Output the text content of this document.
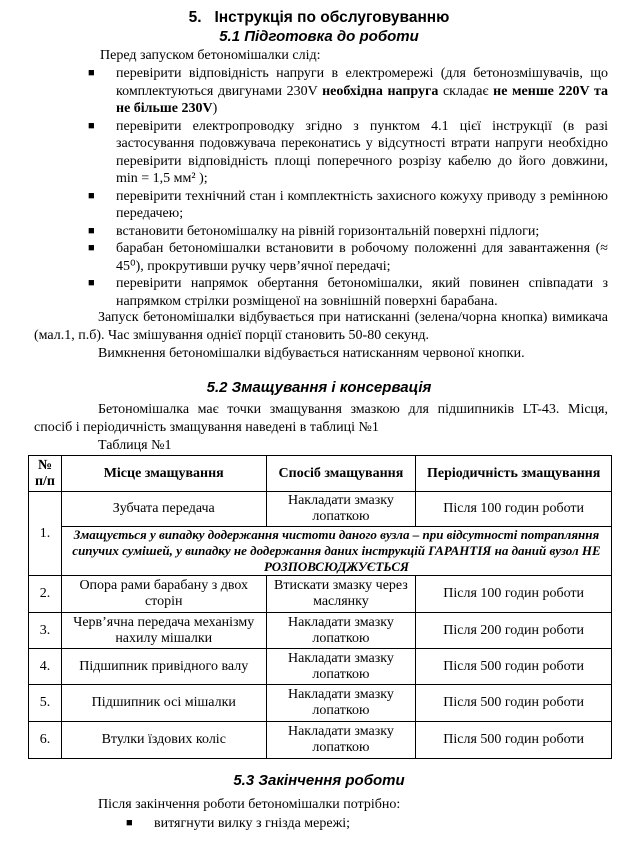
5. Інструкція по обслуговуванню
5.1 Підготовка до роботи
Перед запуском бетономішалки слід:
■ перевірити відповідність напруги в електромережі (для бетонозмішувачів, що комплектуються двигунами 230V необхідна напруга складає не менше 220V та не більше 230V)
■ перевірити електропроводку згідно з пунктом 4.1 цієї інструкції (в разі застосування подовжувача переконатись у відсутності втрати напруги необхідно перевірити відповідність площі поперечного розрізу кабелю до його довжини, min = 1,5 мм² );
■ перевірити технічний стан і комплектність захисного кожуху приводу з ремінною передачею;
■ встановити бетономішалку на рівній горизонтальній поверхні підлоги;
■ барабан бетономішалки встановити в робочому положенні для завантаження (≈ 45⁰), прокрутивши ручку черв’ячної передачі;
■ перевірити напрямок обертання бетономішалки, який повинен співпадати з напрямком стрілки розміщеної на зовнішній поверхні барабана.
Запуск бетономішалки відбувається при натисканні (зелена/чорна кнопка) вимикача (мал.1, п.б). Час змішування однієї порції становить 50-80 секунд.
Вимкнення бетономішалки відбувається натисканням червоної кнопки.
5.2 Змащування і консервація
Бетономішалка має точки змащування змазкою для підшипників LT-43. Місця, спосіб і періодичність змащування наведені в таблиці №1
Таблиця №1
№ п/п	Місце змащування	Спосіб змащування	Періодичність змащування
1.	Зубчата передача	Накладати змазку лопаткою	Після 100 годин роботи
	Змащується у випадку додержання чистоти даного вузла – при відсутності потрапляння сипучих сумішей, у випадку не додержання даних інструкцій ГАРАНТІЯ на даний вузол НЕ РОЗПОВСЮДЖУЄТЬСЯ		
2.	Опора рами барабану з двох сторін	Втискати змазку через маслянку	Після 100 годин роботи
3.	Черв’ячна передача механізму нахилу мішалки	Накладати змазку лопаткою	Після 200 годин роботи
4.	Підшипник привідного валу	Накладати змазку лопаткою	Після 500 годин роботи
5.	Підшипник осі мішалки	Накладати змазку лопаткою	Після 500 годин роботи
6.	Втулки їздових коліс	Накладати змазку лопаткою	Після 500 годин роботи
5.3 Закінчення роботи
Після закінчення роботи бетономішалки потрібно:
■ витягнути вилку з гнізда мережі;
